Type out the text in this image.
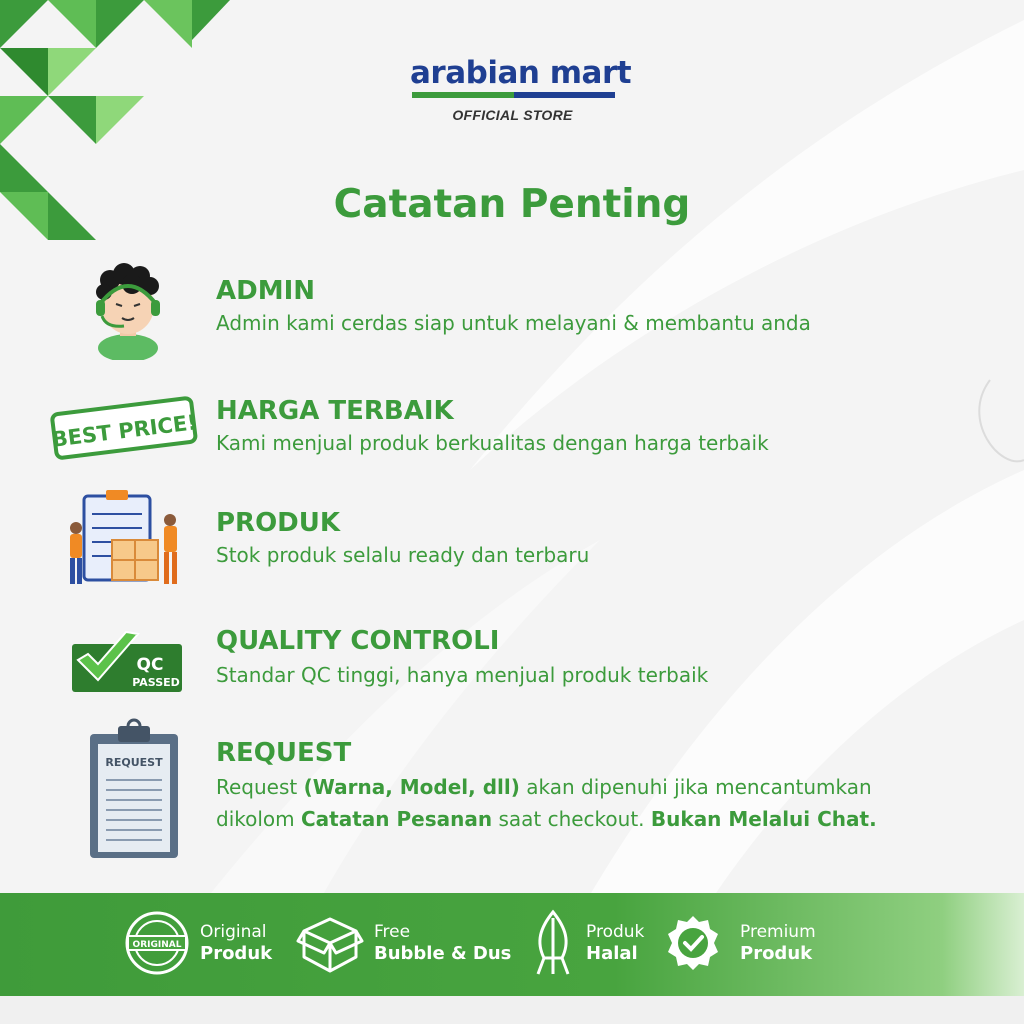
arabian mart
OFFICIAL STORE
Catatan Penting
ADMIN
Admin kami cerdas siap untuk melayani & membantu anda
BEST PRICE! HARGA TERBAIK
Kami menjual produk berkualitas dengan harga terbaik
PRODUK
Stok produk selalu ready dan terbaru
QC
PASSED
QUALITY CONTROLI
Standar QC tinggi, hanya menjual produk terbaik
REQUEST REQUEST
Request (Warna, Model, dll) akan dipenuhi jika mencantumkan
dikolom Catatan Pesanan saat checkout. Bukan Melalui Chat.
ORIGINAL
Original
Produk
Free
Bubble & Dus
Produk
Halal
Premium
Produk
